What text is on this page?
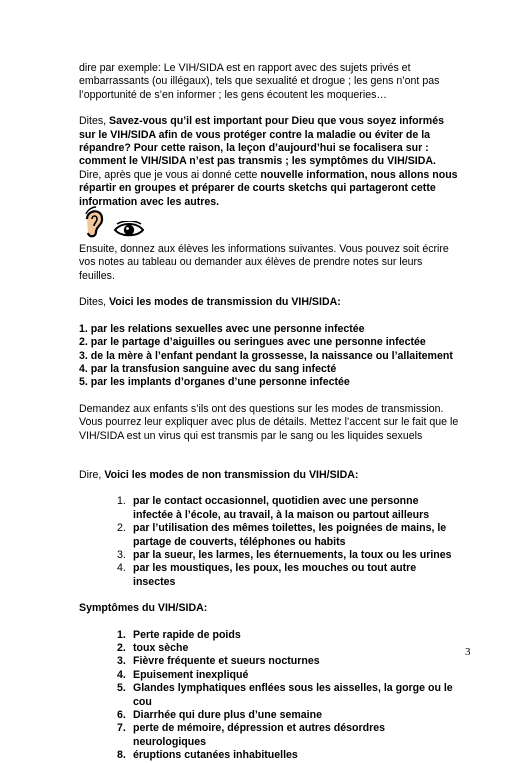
dire par exemple: Le VIH/SIDA est en rapport avec des sujets privés et embarrassants (ou illégaux), tels que sexualité et drogue ; les gens n’ont pas l’opportunité de s’en informer ; les gens écoutent les moqueries…

Dites, Savez-vous qu’il est important pour Dieu que vous soyez informés sur le VIH/SIDA afin de vous protéger contre la maladie ou éviter de la répandre? Pour cette raison, la leçon d’aujourd’hui se focalisera sur : comment le VIH/SIDA n’est pas transmis ; les symptômes du VIH/SIDA. Dire, après que je vous ai donné cette nouvelle information, nous allons nous répartir en groupes et préparer de courts sketchs qui partageront cette information avec les autres.

Ensuite, donnez aux élèves les informations suivantes. Vous pouvez soit écrire vos notes au tableau ou demander aux élèves de prendre notes sur leurs feuilles.

Dites, Voici les modes de transmission du VIH/SIDA:

1. par les relations sexuelles avec une personne infectée
2. par le partage d’aiguilles ou seringues avec une personne infectée
3. de la mère à l’enfant pendant la grossesse, la naissance ou l’allaitement
4. par la transfusion sanguine avec du sang infecté
5. par les implants d’organes d’une personne infectée

Demandez aux enfants s’ils ont des questions sur les modes de transmission. Vous pourrez leur expliquer avec plus de détails. Mettez l’accent sur le fait que le VIH/SIDA est un virus qui est transmis par le sang ou les liquides sexuels

Dire, Voici les modes de non transmission du VIH/SIDA:

1. par le contact occasionnel, quotidien avec une personne infectée à l’école, au travail, à la maison ou partout ailleurs
2. par l’utilisation des mêmes toilettes, les poignées de mains, le partage de couverts, téléphones ou habits
3. par la sueur, les larmes, les éternuements, la toux ou les urines
4. par les moustiques, les poux, les mouches ou tout autre insectes

Symptômes du VIH/SIDA:

1. Perte rapide de poids
2. toux sèche
3. Fièvre fréquente et sueurs nocturnes
4. Epuisement inexpliqué
5. Glandes lymphatiques enflées sous les aisselles, la gorge ou le cou
6. Diarrhée qui dure plus d’une semaine
7. perte de mémoire, dépression et autres désordres neurologiques
8. éruptions cutanées inhabituelles
3
